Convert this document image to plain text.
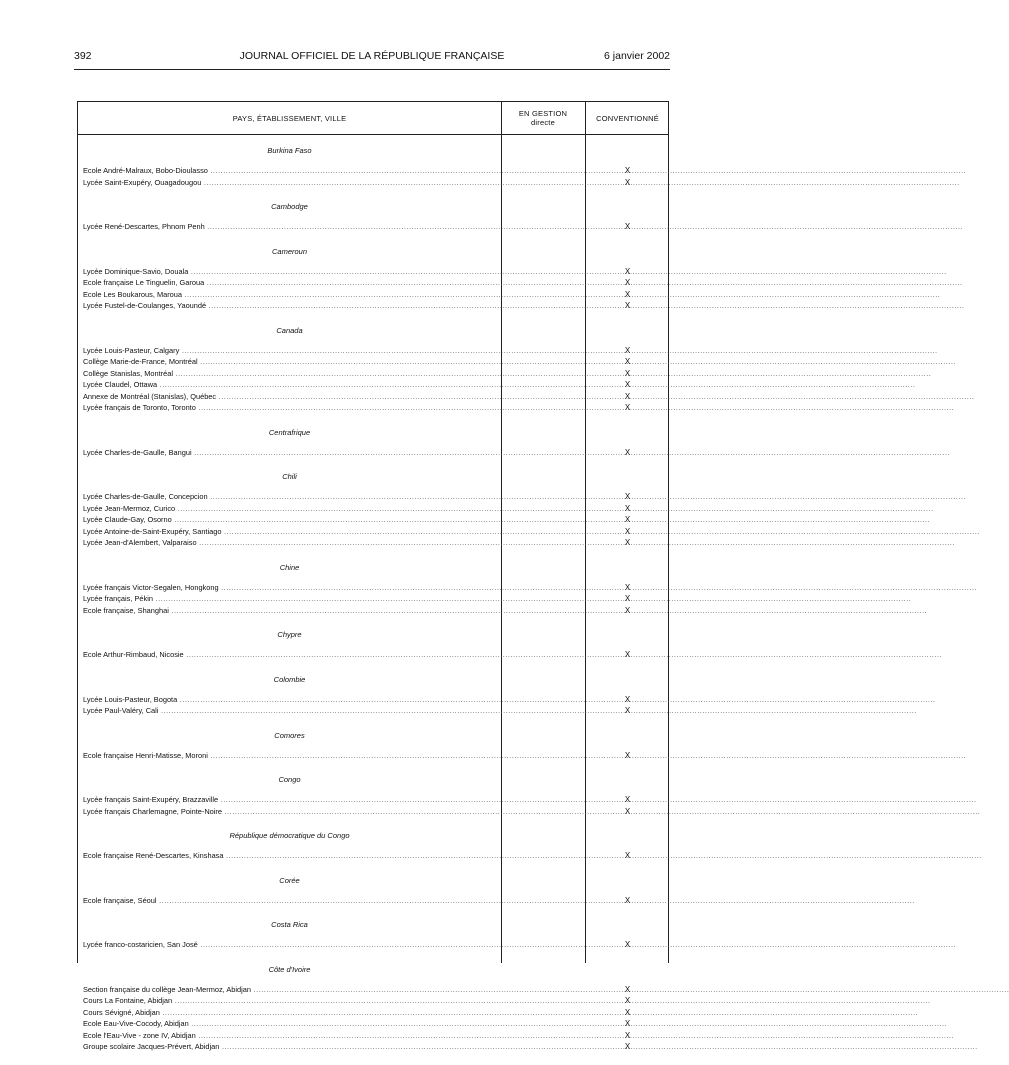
392	JOURNAL OFFICIEL DE LA RÉPUBLIQUE FRANÇAISE	6 janvier 2002
PAYS, ÉTABLISSEMENT, VILLE
EN GESTION
directe	CONVENTIONNÉ
Burkina Faso
Ecole André-Malraux, Bobo-Dioulasso .....	X
Lycée Saint-Exupéry, Ouagadougou .....	X
Cambodge
Lycée René-Descartes, Phnom Penh .....	X
Cameroun
Lycée Dominique-Savio, Douala .....	X
Ecole française Le Tinguelin, Garoua .....	X
Ecole Les Boukarous, Maroua .....	X
Lycée Fustel-de-Coulanges, Yaoundé .....	X
Canada
Lycée Louis-Pasteur, Calgary .....	X
Collège Marie-de-France, Montréal .....	X
Collège Stanislas, Montréal .....	X
Lycée Claudel, Ottawa .....	X
Annexe de Montréal (Stanislas), Québec .....	X
Lycée français de Toronto, Toronto .....	X
Centrafrique
Lycée Charles-de-Gaulle, Bangui .....	X
Chili
Lycée Charles-de-Gaulle, Concepcion .....	X
Lycée Jean-Mermoz, Curico .....	X
Lycée Claude-Gay, Osorno .....	X
Lycée Antoine-de-Saint-Exupéry, Santiago .....	X
Lycée Jean-d'Alembert, Valparaiso .....	X
Chine
Lycée français Victor-Segalen, Hongkong .....	X
Lycée français, Pékin .....	X
Ecole française, Shanghai .....	X
Chypre
Ecole Arthur-Rimbaud, Nicosie .....	X
Colombie
Lycée Louis-Pasteur, Bogota .....	X
Lycée Paul-Valéry, Cali .....	X
Comores
Ecole française Henri-Matisse, Moroni .....	X
Congo
Lycée français Saint-Exupéry, Brazzaville .....	X
Lycée français Charlemagne, Pointe-Noire .....	X
République démocratique du Congo
Ecole française René-Descartes, Kinshasa .....	X
Corée
Ecole française, Séoul .....	X
Costa Rica
Lycée franco-costaricien, San José .....	X
Côte d'Ivoire
Section française du collège Jean-Mermoz, Abidjan .....	X
Cours La Fontaine, Abidjan .....	X
Cours Sévigné, Abidjan .....	X
Ecole Eau-Vive-Cocody, Abidjan .....	X
Ecole l'Eau-Vive - zone IV, Abidjan .....	X
Groupe scolaire Jacques-Prévert, Abidjan .....	X
